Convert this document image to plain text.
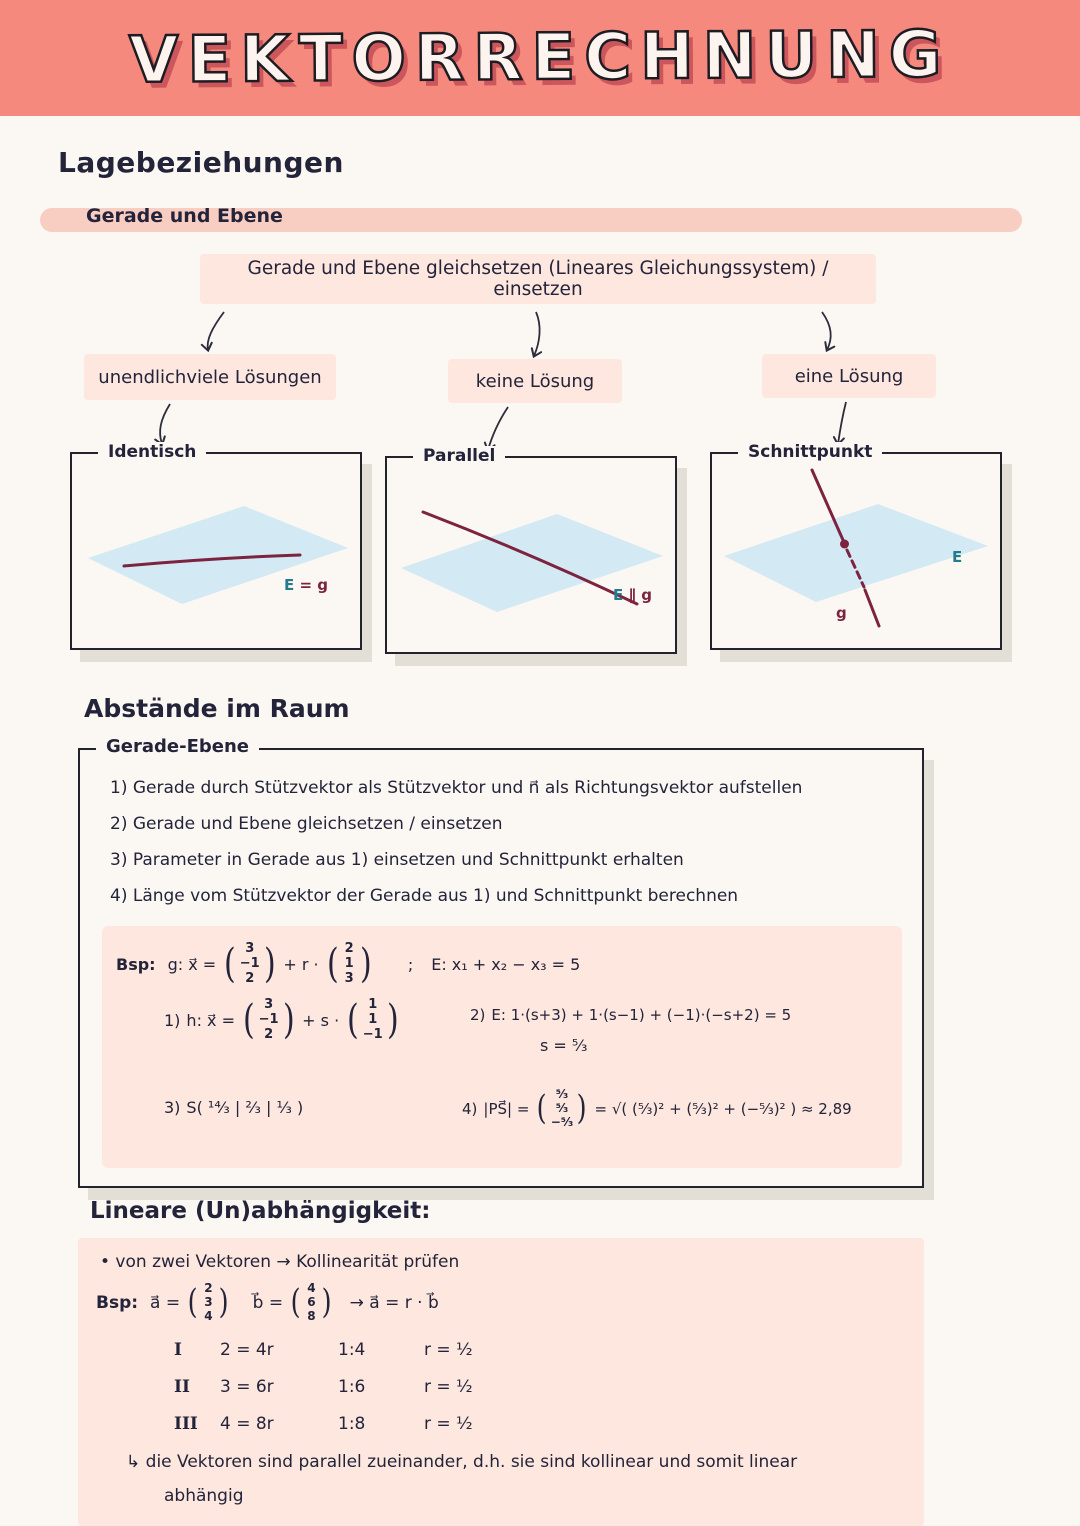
VEKTORRECHNUNG
Lagebeziehungen
Gerade und Ebene
Gerade und Ebene gleichsetzen (Lineares Gleichungssystem) / einsetzen
unendlichviele Lösungen	keine Lösung	eine Lösung
Identisch
E = g
Parallel
E ∥ g
Schnittpunkt
g
E
Abstände im Raum
Gerade-Ebene
1) Gerade durch Stützvektor als Stützvektor und n⃗ als Richtungsvektor aufstellen
2) Gerade und Ebene gleichsetzen / einsetzen
3) Parameter in Gerade aus 1) einsetzen und Schnittpunkt erhalten
4) Länge vom Stützvektor der Gerade aus 1) und Schnittpunkt berechnen
Bsp: g: x⃗ = ( 3
−1
2 ) + r · ( 2
1
3 ) ; E: x₁ + x₂ − x₃ = 5
1) h: x⃗ = ( 3
−1
2 ) + s · ( 1
1
−1 )	2) E: 1·(s+3) + 1·(s−1) + (−1)·(−s+2) = 5
s = ⁵⁄₃
3) S( ¹⁴⁄₃ | ²⁄₃ | ¹⁄₃ )	4) |PS⃗| = ( ⁵⁄₃
⁵⁄₃
−⁵⁄₃ ) = √( (⁵⁄₃)² + (⁵⁄₃)² + (−⁵⁄₃)² ) ≈ 2,89
Lineare (Un)abhängigkeit:
• von zwei Vektoren → Kollinearität prüfen
Bsp: a⃗ = ( 2
3
4 ) b⃗ = ( 4
6
8 ) → a⃗ = r · b⃗
I	2 = 4r	1:4	r = ¹⁄₂
II	3 = 6r	1:6	r = ¹⁄₂
III	4 = 8r	1:8	r = ¹⁄₂
↳ die Vektoren sind parallel zueinander, d.h. sie sind kollinear und somit linear
abhängig
